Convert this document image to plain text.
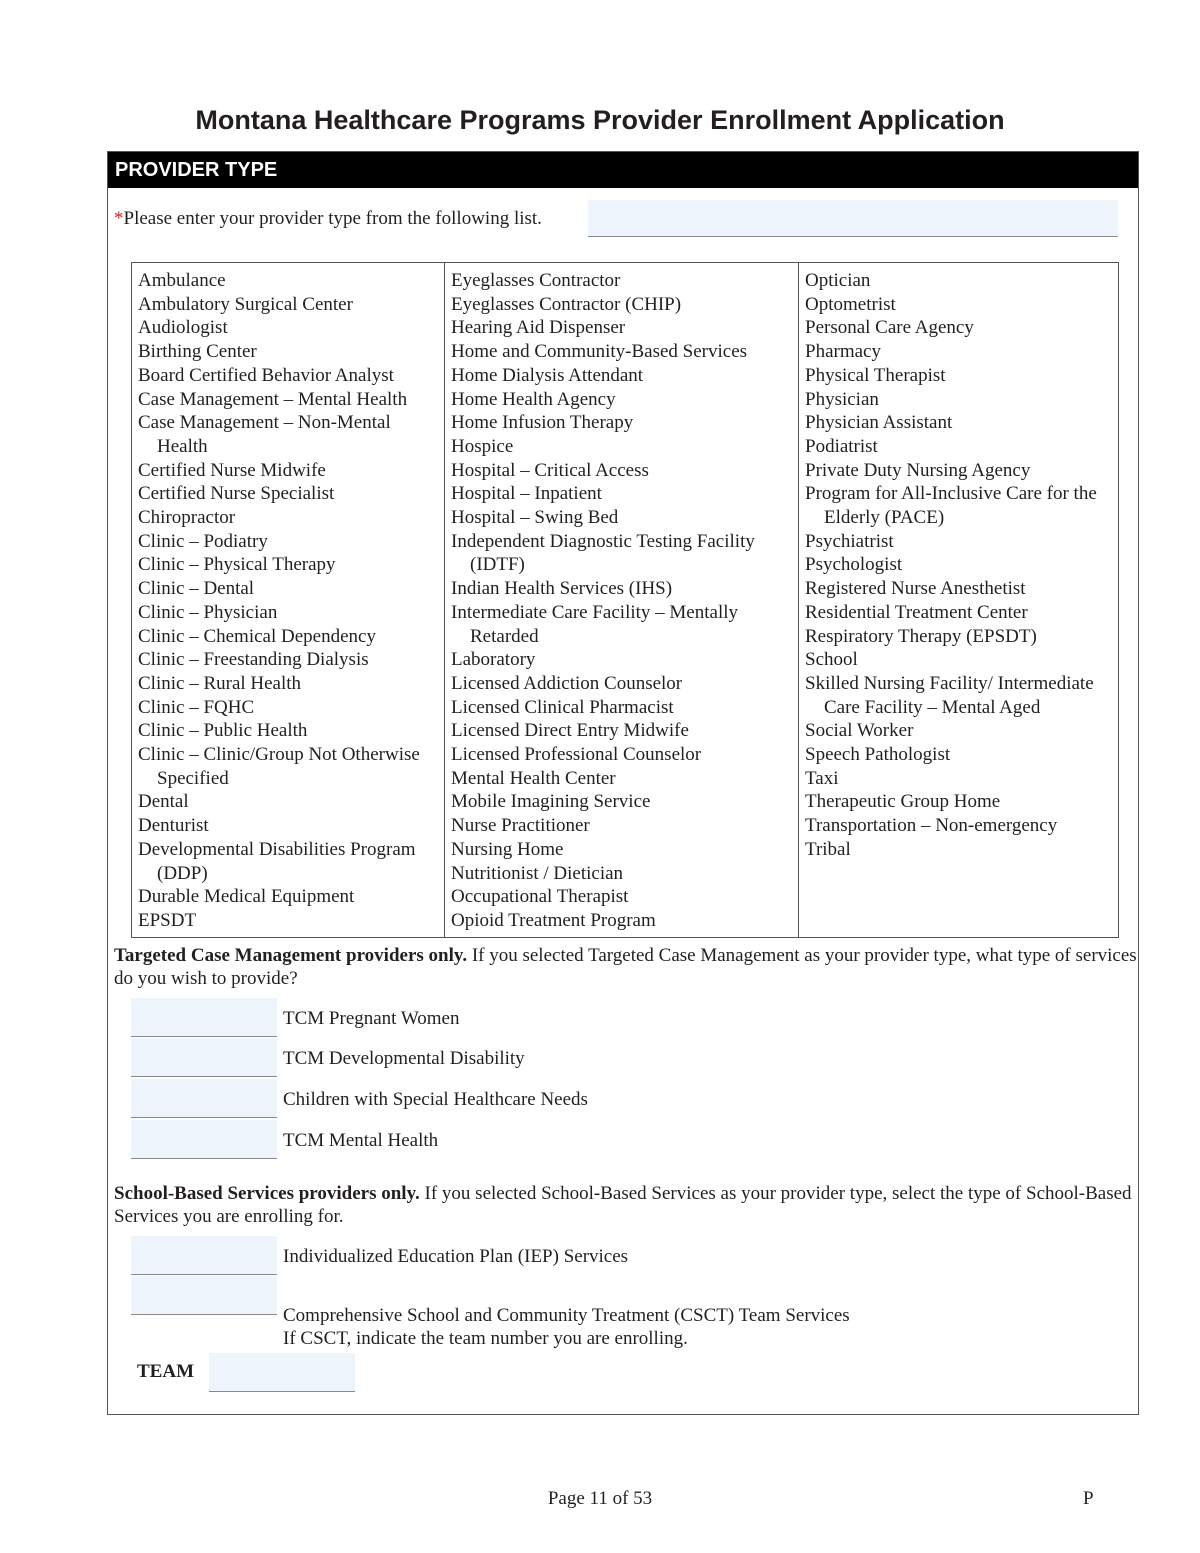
Montana Healthcare Programs Provider Enrollment Application
PROVIDER TYPE
*Please enter your provider type from the following list.
Ambulance
Ambulatory Surgical Center
Audiologist
Birthing Center
Board Certified Behavior Analyst
Case Management – Mental Health
Case Management – Non-Mental Health
Certified Nurse Midwife
Certified Nurse Specialist
Chiropractor
Clinic – Podiatry
Clinic – Physical Therapy
Clinic – Dental
Clinic – Physician
Clinic – Chemical Dependency
Clinic – Freestanding Dialysis
Clinic – Rural Health
Clinic – FQHC
Clinic – Public Health
Clinic – Clinic/Group Not Otherwise Specified
Dental
Denturist
Developmental Disabilities Program (DDP)
Durable Medical Equipment
EPSDT
Eyeglasses Contractor
Eyeglasses Contractor (CHIP)
Hearing Aid Dispenser
Home and Community-Based Services
Home Dialysis Attendant
Home Health Agency
Home Infusion Therapy
Hospice
Hospital – Critical Access
Hospital – Inpatient
Hospital – Swing Bed
Independent Diagnostic Testing Facility (IDTF)
Indian Health Services (IHS)
Intermediate Care Facility – Mentally Retarded
Laboratory
Licensed Addiction Counselor
Licensed Clinical Pharmacist
Licensed Direct Entry Midwife
Licensed Professional Counselor
Mental Health Center
Mobile Imagining Service
Nurse Practitioner
Nursing Home
Nutritionist / Dietician
Occupational Therapist
Opioid Treatment Program
Optician
Optometrist
Personal Care Agency
Pharmacy
Physical Therapist
Physician
Physician Assistant
Podiatrist
Private Duty Nursing Agency
Program for All-Inclusive Care for the Elderly (PACE)
Psychiatrist
Psychologist
Registered Nurse Anesthetist
Residential Treatment Center
Respiratory Therapy (EPSDT)
School
Skilled Nursing Facility/ Intermediate Care Facility – Mental Aged
Social Worker
Speech Pathologist
Taxi
Therapeutic Group Home
Transportation – Non-emergency
Tribal
Targeted Case Management providers only. If you selected Targeted Case Management as your provider type, what type of services do you wish to provide?
TCM Pregnant Women
TCM Developmental Disability
Children with Special Healthcare Needs
TCM Mental Health
School-Based Services providers only. If you selected School-Based Services as your provider type, select the type of School-Based Services you are enrolling for.
Individualized Education Plan (IEP) Services
Comprehensive School and Community Treatment (CSCT) Team Services
If CSCT, indicate the team number you are enrolling.
TEAM
Page 11 of 53	P
